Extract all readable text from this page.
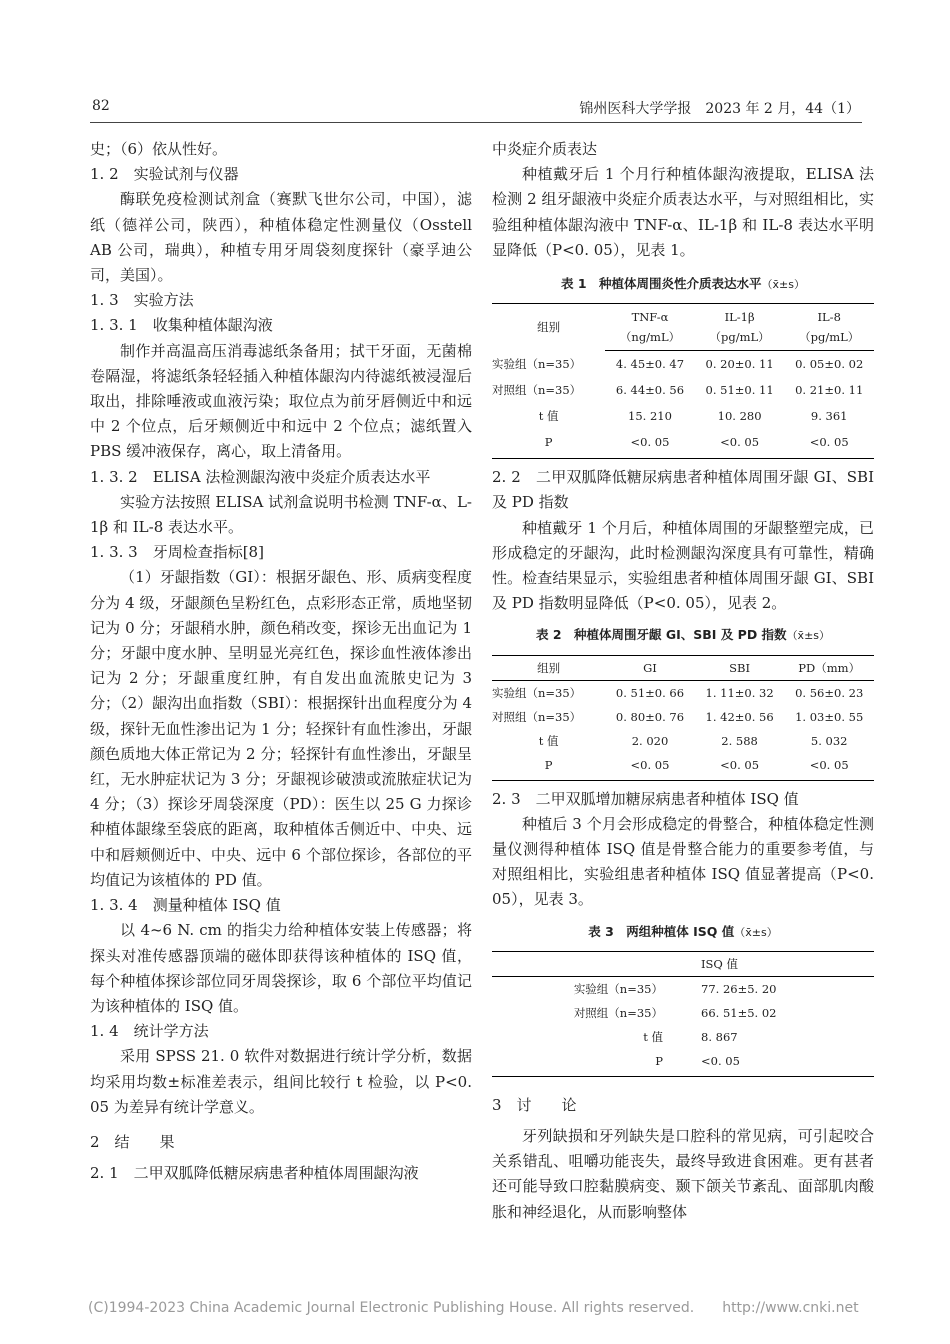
82	锦州医科大学学报　2023 年 2 月，44（1）

史；（6）依从性好。

1. 2　实验试剂与仪器

酶联免疫检测试剂盒（赛默飞世尔公司，中国），滤纸（德祥公司，陕西），种植体稳定性测量仪（Osstell AB 公司，瑞典），种植专用牙周袋刻度探针（豪孚迪公司，美国）。

1. 3　实验方法

1. 3. 1　收集种植体龈沟液

制作并高温高压消毒滤纸条备用；拭干牙面，无菌棉卷隔湿，将滤纸条轻轻插入种植体龈沟内待滤纸被浸湿后取出，排除唾液或血液污染；取位点为前牙唇侧近中和远中 2 个位点，后牙颊侧近中和远中 2 个位点；滤纸置入 PBS 缓冲液保存，离心，取上清备用。

1. 3. 2　ELISA 法检测龈沟液中炎症介质表达水平

实验方法按照 ELISA 试剂盒说明书检测 TNF-α、L-1β 和 IL-8 表达水平。

1. 3. 3　牙周检查指标[8]

（1）牙龈指数（GI）：根据牙龈色、形、质病变程度分为 4 级，牙龈颜色呈粉红色，点彩形态正常，质地坚韧记为 0 分；牙龈稍水肿，颜色稍改变，探诊无出血记为 1 分；牙龈中度水肿、呈明显光亮红色，探诊血性液体渗出记为 2 分；牙龈重度红肿，有自发出血流脓史记为 3 分；（2）龈沟出血指数（SBI）：根据探针出血程度分为 4 级，探针无血性渗出记为 1 分；轻探针有血性渗出，牙龈颜色质地大体正常记为 2 分；轻探针有血性渗出，牙龈呈红，无水肿症状记为 3 分；牙龈视诊破溃或流脓症状记为 4 分；（3）探诊牙周袋深度（PD）：医生以 25 G 力探诊种植体龈缘至袋底的距离，取种植体舌侧近中、中央、远中和唇颊侧近中、中央、远中 6 个部位探诊，各部位的平均值记为该植体的 PD 值。

1. 3. 4　测量种植体 ISQ 值

以 4~6 N. cm 的指尖力给种植体安装上传感器；将探头对准传感器顶端的磁体即获得该种植体的 ISQ 值，每个种植体探诊部位同牙周袋探诊，取 6 个部位平均值记为该种植体的 ISQ 值。

1. 4　统计学方法

采用 SPSS 21. 0 软件对数据进行统计学分析，数据均采用均数±标准差表示，组间比较行 t 检验，以 P<0. 05 为差异有统计学意义。

2　结　　果

2. 1　二甲双胍降低糖尿病患者种植体周围龈沟液

中炎症介质表达

种植戴牙后 1 个月行种植体龈沟液提取，ELISA 法检测 2 组牙龈液中炎症介质表达水平，与对照组相比，实验组种植体龈沟液中 TNF-α、IL-1β 和 IL-8 表达水平明显降低（P<0. 05），见表 1。

表 1　种植体周围炎性介质表达水平（x̄±s）
组别	TNF-α	IL-1β	IL-8
	（ng/mL）	（pg/mL）	（pg/mL）
实验组（n=35）	4. 45±0. 47	0. 20±0. 11	0. 05±0. 02
对照组（n=35）	6. 44±0. 56	0. 51±0. 11	0. 21±0. 11
t 值	15. 210	10. 280	9. 361
P	<0. 05	<0. 05	<0. 05

2. 2　二甲双胍降低糖尿病患者种植体周围牙龈 GI、SBI 及 PD 指数

种植戴牙 1 个月后，种植体周围的牙龈整塑完成，已形成稳定的牙龈沟，此时检测龈沟深度具有可靠性，精确性。检查结果显示，实验组患者种植体周围牙龈 GI、SBI 及 PD 指数明显降低（P<0. 05），见表 2。

表 2　种植体周围牙龈 GI、SBI 及 PD 指数（x̄±s）
组别	GI	SBI	PD（mm）
实验组（n=35）	0. 51±0. 66	1. 11±0. 32	0. 56±0. 23
对照组（n=35）	0. 80±0. 76	1. 42±0. 56	1. 03±0. 55
t 值	2. 020	2. 588	5. 032
P	<0. 05	<0. 05	<0. 05

2. 3　二甲双胍增加糖尿病患者种植体 ISQ 值

种植后 3 个月会形成稳定的骨整合，种植体稳定性测量仪测得种植体 ISQ 值是骨整合能力的重要参考值，与对照组相比，实验组患者种植体 ISQ 值显著提高（P<0. 05），见表 3。

表 3　两组种植体 ISQ 值（x̄±s）
	ISQ 值
实验组（n=35）	77. 26±5. 20
对照组（n=35）	66. 51±5. 02
t 值	8. 867
P	<0. 05

3　讨　　论

牙列缺损和牙列缺失是口腔科的常见病，可引起咬合关系错乱、咀嚼功能丧失，最终导致进食困难。更有甚者还可能导致口腔黏膜病变、颞下颌关节紊乱、面部肌肉酸胀和神经退化，从而影响整体

(C)1994-2023 China Academic Journal Electronic Publishing House. All rights reserved.　　http://www.cnki.net
